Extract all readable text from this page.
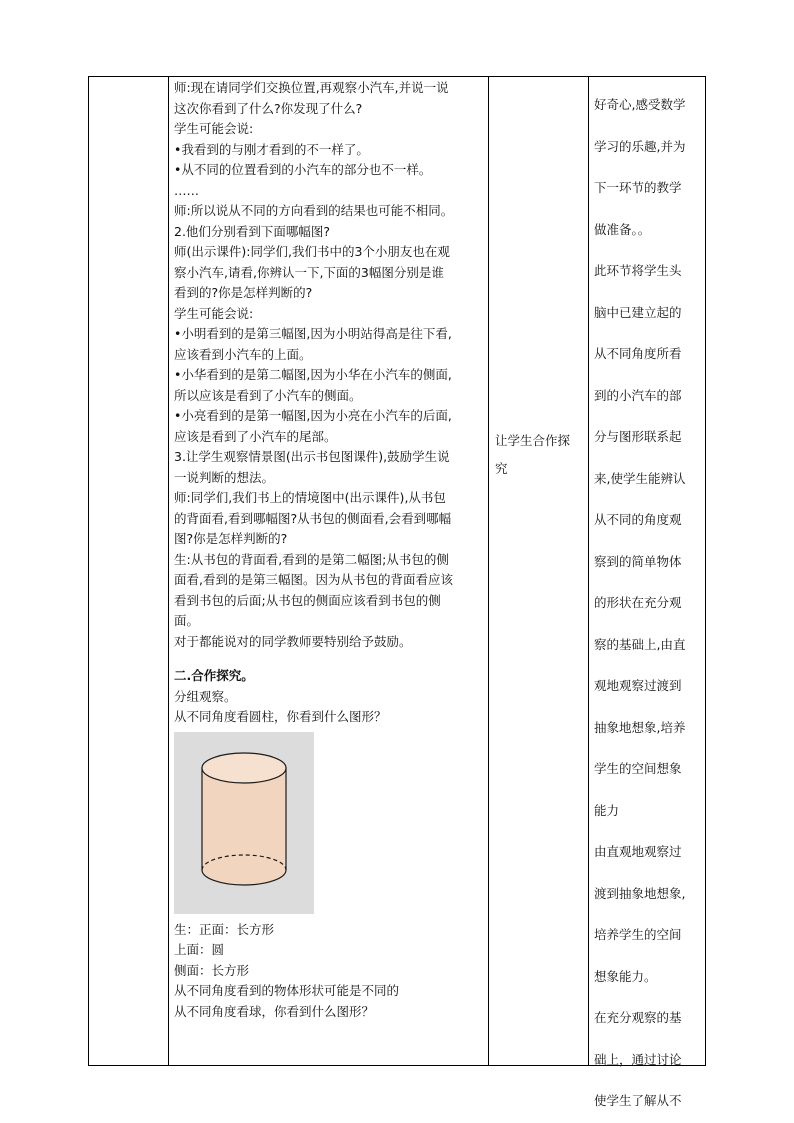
师:现在请同学们交换位置,再观察小汽车,并说一说
这次你看到了什么?你发现了什么?
学生可能会说:
•我看到的与刚才看到的不一样了。
•从不同的位置看到的小汽车的部分也不一样。
……
师:所以说从不同的方向看到的结果也可能不相同。
2.他们分别看到下面哪幅图?
师(出示课件):同学们,我们书中的3个小朋友也在观
察小汽车,请看,你辨认一下,下面的3幅图分别是谁
看到的?你是怎样判断的?
学生可能会说:
•小明看到的是第三幅图,因为小明站得高是往下看,
应该看到小汽车的上面。
•小华看到的是第二幅图,因为小华在小汽车的侧面,
所以应该是看到了小汽车的侧面。
•小亮看到的是第一幅图,因为小亮在小汽车的后面,
应该是看到了小汽车的尾部。
3.让学生观察情景图(出示书包图课件),鼓励学生说
一说判断的想法。
师:同学们,我们书上的情境图中(出示课件),从书包
的背面看,看到哪幅图?从书包的侧面看,会看到哪幅
图?你是怎样判断的?
生:从书包的背面看,看到的是第二幅图;从书包的侧
面看,看到的是第三幅图。因为从书包的背面看应该
看到书包的后面;从书包的侧面应该看到书包的侧
面。
对于都能说对的同学教师要特别给予鼓励。
二.合作探究。
分组观察。
从不同角度看圆柱，你看到什么图形？
生：正面：长方形
上面：圆
侧面：长方形
从不同角度看到的物体形状可能是不同的
从不同角度看球，你看到什么图形？
让学生合作探
究
好奇心,感受数学
学习的乐趣,并为
下一环节的教学
做准备。。
此环节将学生头
脑中已建立起的
从不同角度所看
到的小汽车的部
分与图形联系起
来,使学生能辨认
从不同的角度观
察到的简单物体
的形状在充分观
察的基础上,由直
观地观察过渡到
抽象地想象,培养
学生的空间想象
能力
由直观地观察过
渡到抽象地想象,
培养学生的空间
想象能力。
在充分观察的基
础上，通过讨论
使学生了解从不
